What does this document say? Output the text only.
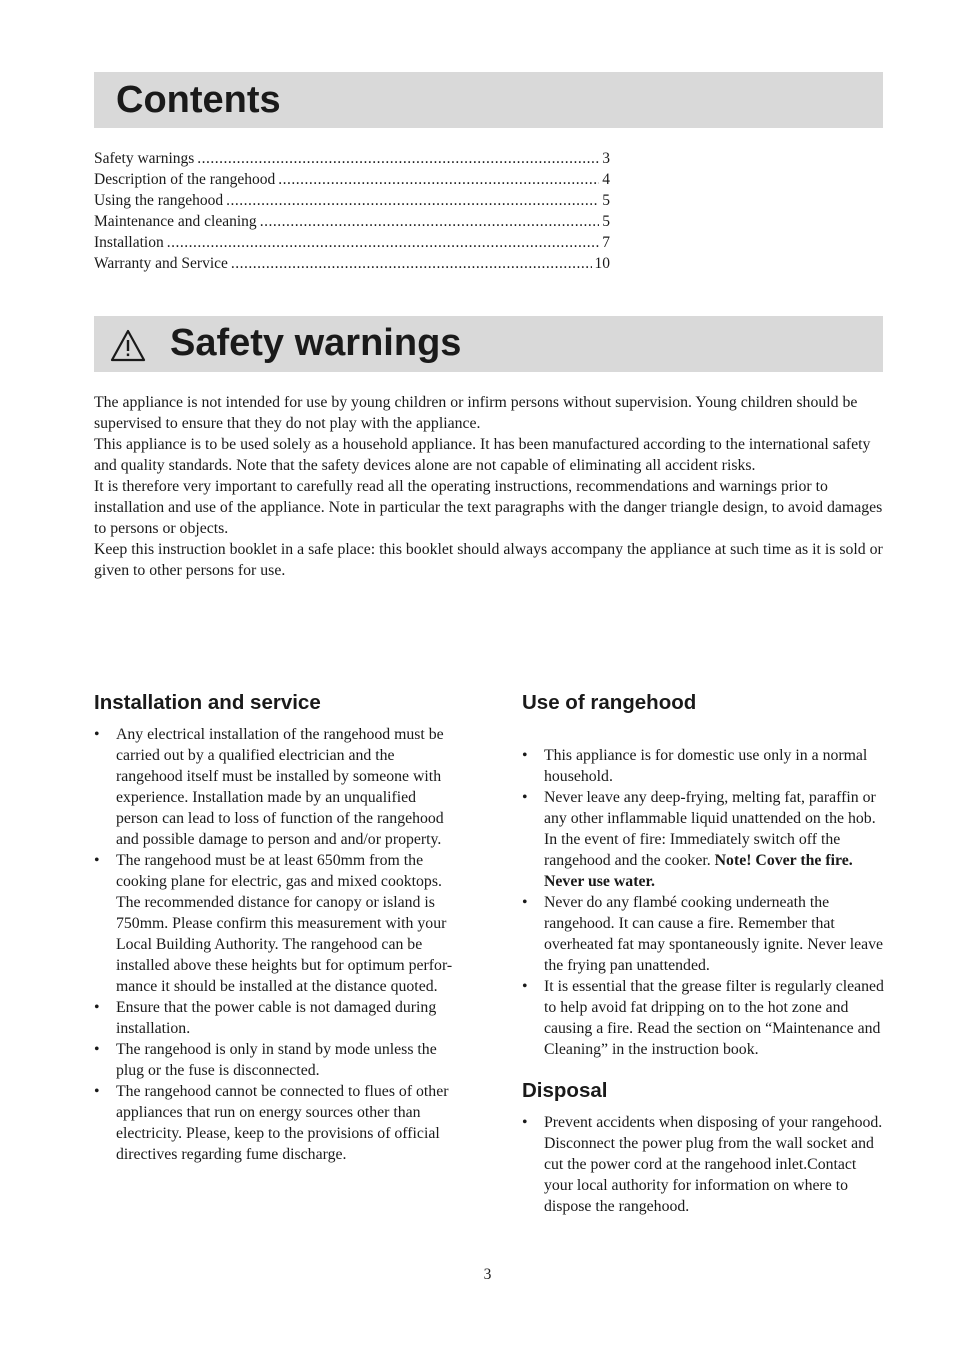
Contents
Safety warnings .....	3
Description of the rangehood .....	4
Using the rangehood .....	5
Maintenance and cleaning .....	5
Installation .....	7
Warranty and Service .....	10
Safety warnings

The appliance is not intended for use by young children or infirm persons without supervision. Young children should be supervised to ensure that they do not play with the appliance.

This appliance is to be used solely as a household appliance. It has been manufactured according to the international safety and quality standards. Note that the safety devices alone are not capable of eliminating all accident risks.

It is therefore very important to carefully read all the operating instructions, recommendations and warnings prior to installation and use of the appliance. Note in particular the text paragraphs with the danger triangle design, to avoid damages to persons or objects.

Keep this instruction booklet in a safe place: this booklet should always accompany the appliance at such time as it is sold or given to other persons for use.

Installation and service
• Any electrical installation of the rangehood must be carried out by a qualified electrician and the rangehood itself must be installed by someone with experience. Installation made by an unqualified person can lead to loss of function of the rangehood and possible damage to person and and/or property.
• The rangehood must be at least 650mm from the cooking plane for electric, gas and mixed cooktops. The recommended distance for canopy or island is 750mm. Please confirm this measurement with your Local Building Authority. The rangehood can be installed above these heights but for optimum perfor-mance it should be installed at the distance quoted.
• Ensure that the power cable is not damaged during installation.
• The rangehood is only in stand by mode unless the plug or the fuse is disconnected.
• The rangehood cannot be connected to flues of other appliances that run on energy sources other than electricity. Please, keep to the provisions of official directives regarding fume discharge.
Use of rangehood
• This appliance is for domestic use only in a normal household.
• Never leave any deep-frying, melting fat, paraffin or any other inflammable liquid unattended on the hob. In the event of fire: Immediately switch off the rangehood and the cooker. Note! Cover the fire. Never use water.
• Never do any flambé cooking underneath the rangehood. It can cause a fire. Remember that overheated fat may spontaneously ignite. Never leave the frying pan unattended.
• It is essential that the grease filter is regularly cleaned to help avoid fat dripping on to the hot zone and causing a fire. Read the section on “Maintenance and Cleaning” in the instruction book.
Disposal
• Prevent accidents when disposing of your rangehood. Disconnect the power plug from the wall socket and cut the power cord at the rangehood inlet.Contact your local authority for information on where to dispose the rangehood.
3
